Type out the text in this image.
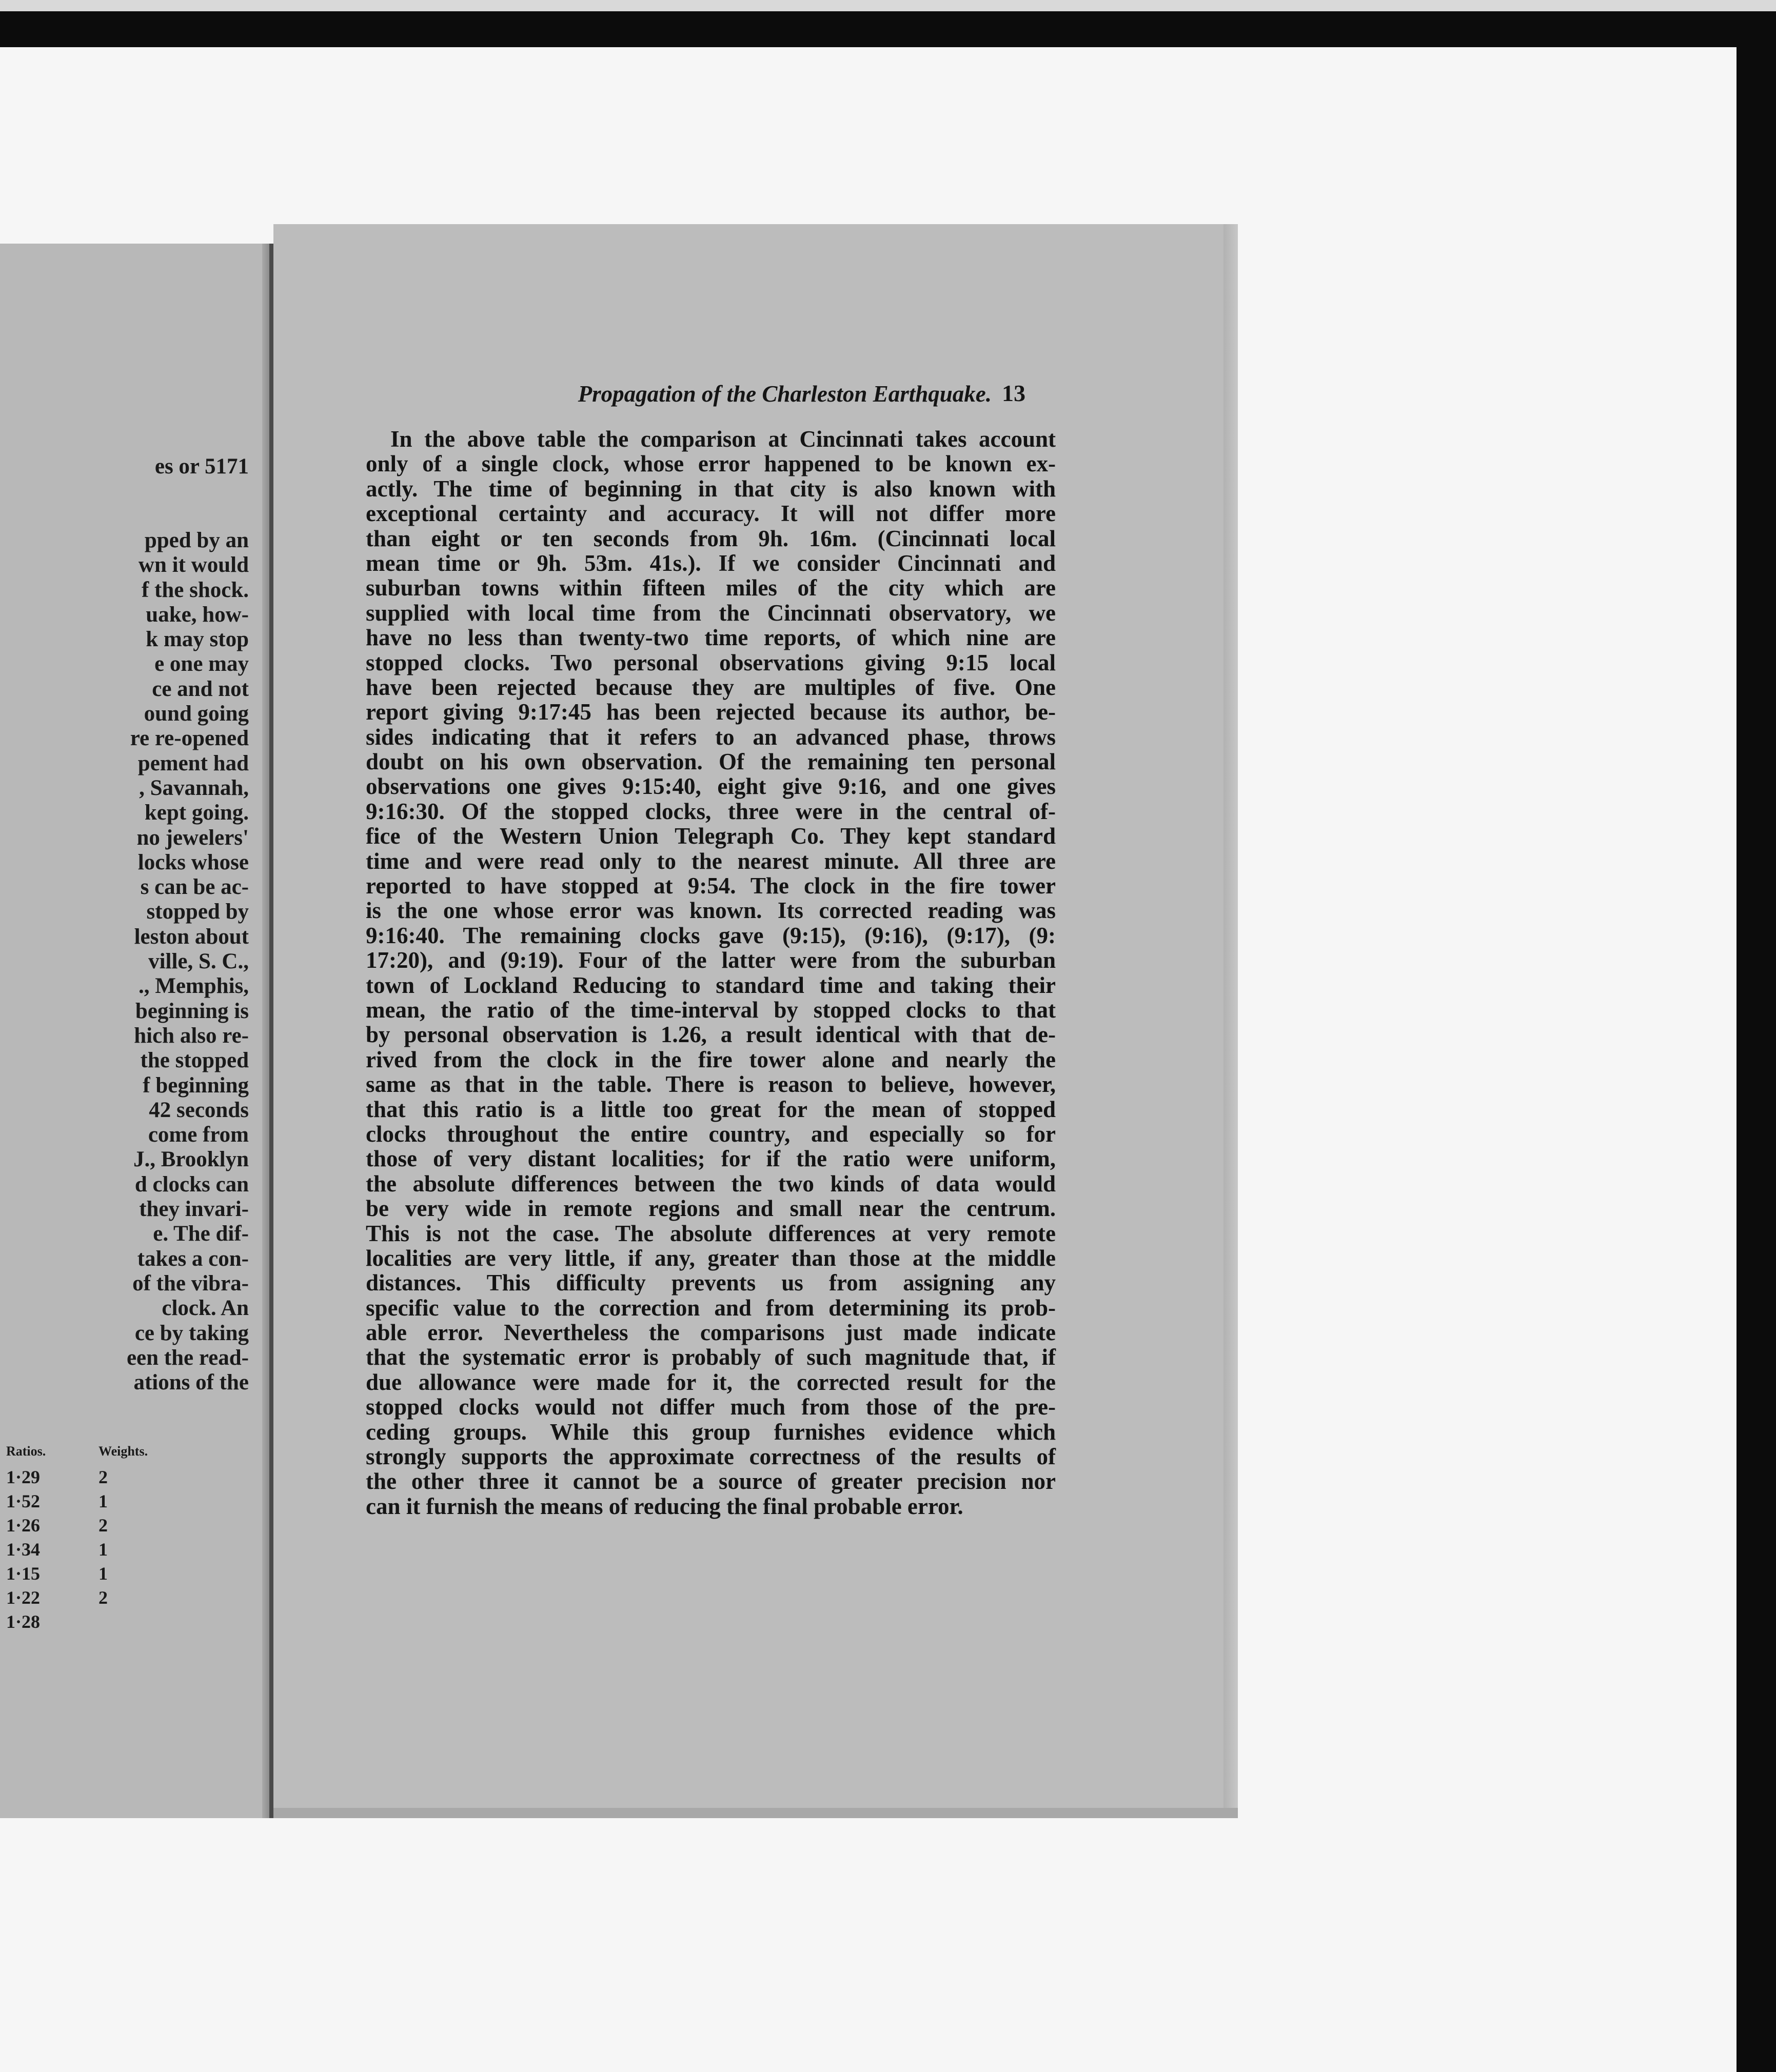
es or 5171
pped by an
wn it would
f the shock.
uake, how-
k may stop
e one may
ce and not
ound going
re re-opened
pement had
, Savannah,
kept going.
no jewelers'
locks whose
s can be ac-
stopped by
leston about
ville, S. C.,
., Memphis,
beginning is
hich also re-
the stopped
f beginning
42 seconds
come from
J., Brooklyn
d clocks can
they invari-
e. The dif-
takes a con-
of the vibra-
clock. An
ce by taking
een the read-
ations of the
Ratios.	Weights.
1·29	2
1·52	1
1·26	2
1·34	1
1·15	1
1·22	2
1·28
Propagation of the Charleston Earthquake. 13
In the above table the comparison at Cincinnati takes account
only of a single clock, whose error happened to be known ex-
actly. The time of beginning in that city is also known with
exceptional certainty and accuracy. It will not differ more
than eight or ten seconds from 9h. 16m. (Cincinnati local
mean time or 9h. 53m. 41s.). If we consider Cincinnati and
suburban towns within fifteen miles of the city which are
supplied with local time from the Cincinnati observatory, we
have no less than twenty-two time reports, of which nine are
stopped clocks. Two personal observations giving 9:15 local
have been rejected because they are multiples of five. One
report giving 9:17:45 has been rejected because its author, be-
sides indicating that it refers to an advanced phase, throws
doubt on his own observation. Of the remaining ten personal
observations one gives 9:15:40, eight give 9:16, and one gives
9:16:30. Of the stopped clocks, three were in the central of-
fice of the Western Union Telegraph Co. They kept standard
time and were read only to the nearest minute. All three are
reported to have stopped at 9:54. The clock in the fire tower
is the one whose error was known. Its corrected reading was
9:16:40. The remaining clocks gave (9:15), (9:16), (9:17), (9:
17:20), and (9:19). Four of the latter were from the suburban
town of Lockland Reducing to standard time and taking their
mean, the ratio of the time-interval by stopped clocks to that
by personal observation is 1.26, a result identical with that de-
rived from the clock in the fire tower alone and nearly the
same as that in the table. There is reason to believe, however,
that this ratio is a little too great for the mean of stopped
clocks throughout the entire country, and especially so for
those of very distant localities; for if the ratio were uniform,
the absolute differences between the two kinds of data would
be very wide in remote regions and small near the centrum.
This is not the case. The absolute differences at very remote
localities are very little, if any, greater than those at the middle
distances. This difficulty prevents us from assigning any
specific value to the correction and from determining its prob-
able error. Nevertheless the comparisons just made indicate
that the systematic error is probably of such magnitude that, if
due allowance were made for it, the corrected result for the
stopped clocks would not differ much from those of the pre-
ceding groups. While this group furnishes evidence which
strongly supports the approximate correctness of the results of
the other three it cannot be a source of greater precision nor
can it furnish the means of reducing the final probable error.
